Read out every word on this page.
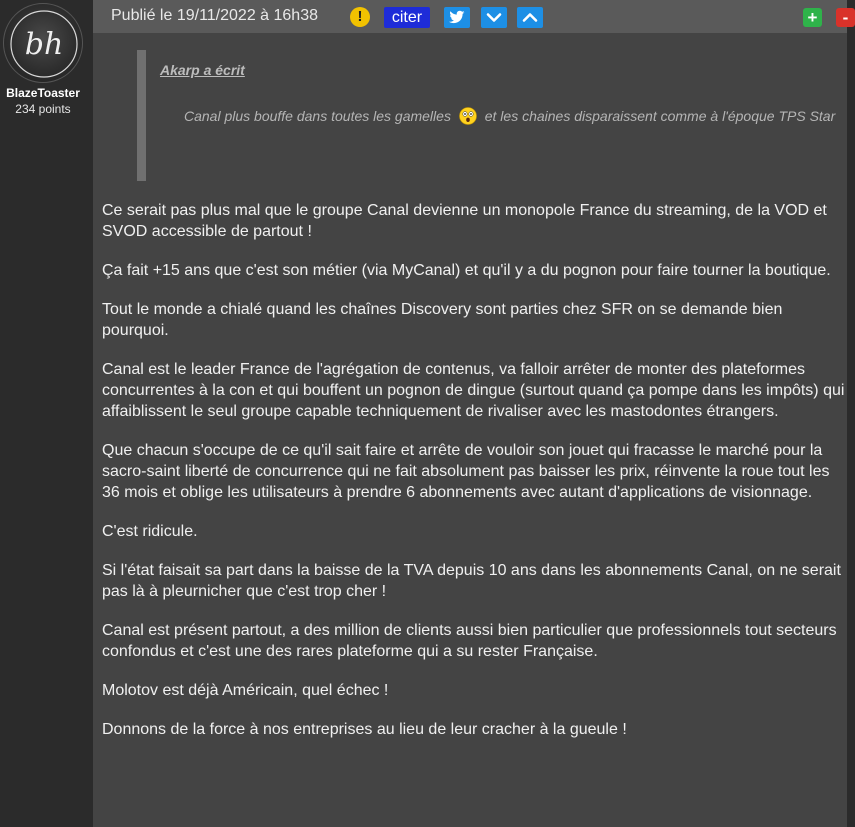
bh
BlazeToaster
234 points
Publié le 19/11/2022 à 16h38	!	citer	+	-
Akarp a écrit
Canal plus bouffe dans toutes les gamelles et les chaines disparaissent comme à l'époque TPS Star

Ce serait pas plus mal que le groupe Canal devienne un monopole France du streaming, de la VOD et SVOD accessible de partout !

Ça fait +15 ans que c'est son métier (via MyCanal) et qu'il y a du pognon pour faire tourner la boutique.

Tout le monde a chialé quand les chaînes Discovery sont parties chez SFR on se demande bien pourquoi.

Canal est le leader France de l'agrégation de contenus, va falloir arrêter de monter des plateformes concurrentes à la con et qui bouffent un pognon de dingue (surtout quand ça pompe dans les impôts) qui affaiblissent le seul groupe capable techniquement de rivaliser avec les mastodontes étrangers.

Que chacun s'occupe de ce qu'il sait faire et arrête de vouloir son jouet qui fracasse le marché pour la sacro-saint liberté de concurrence qui ne fait absolument pas baisser les prix, réinvente la roue tout les 36 mois et oblige les utilisateurs à prendre 6 abonnements avec autant d'applications de visionnage.

C'est ridicule.

Si l'état faisait sa part dans la baisse de la TVA depuis 10 ans dans les abonnements Canal, on ne serait pas là à pleurnicher que c'est trop cher !

Canal est présent partout, a des million de clients aussi bien particulier que professionnels tout secteurs confondus et c'est une des rares plateforme qui a su rester Française.

Molotov est déjà Américain, quel échec !

Donnons de la force à nos entreprises au lieu de leur cracher à la gueule !
